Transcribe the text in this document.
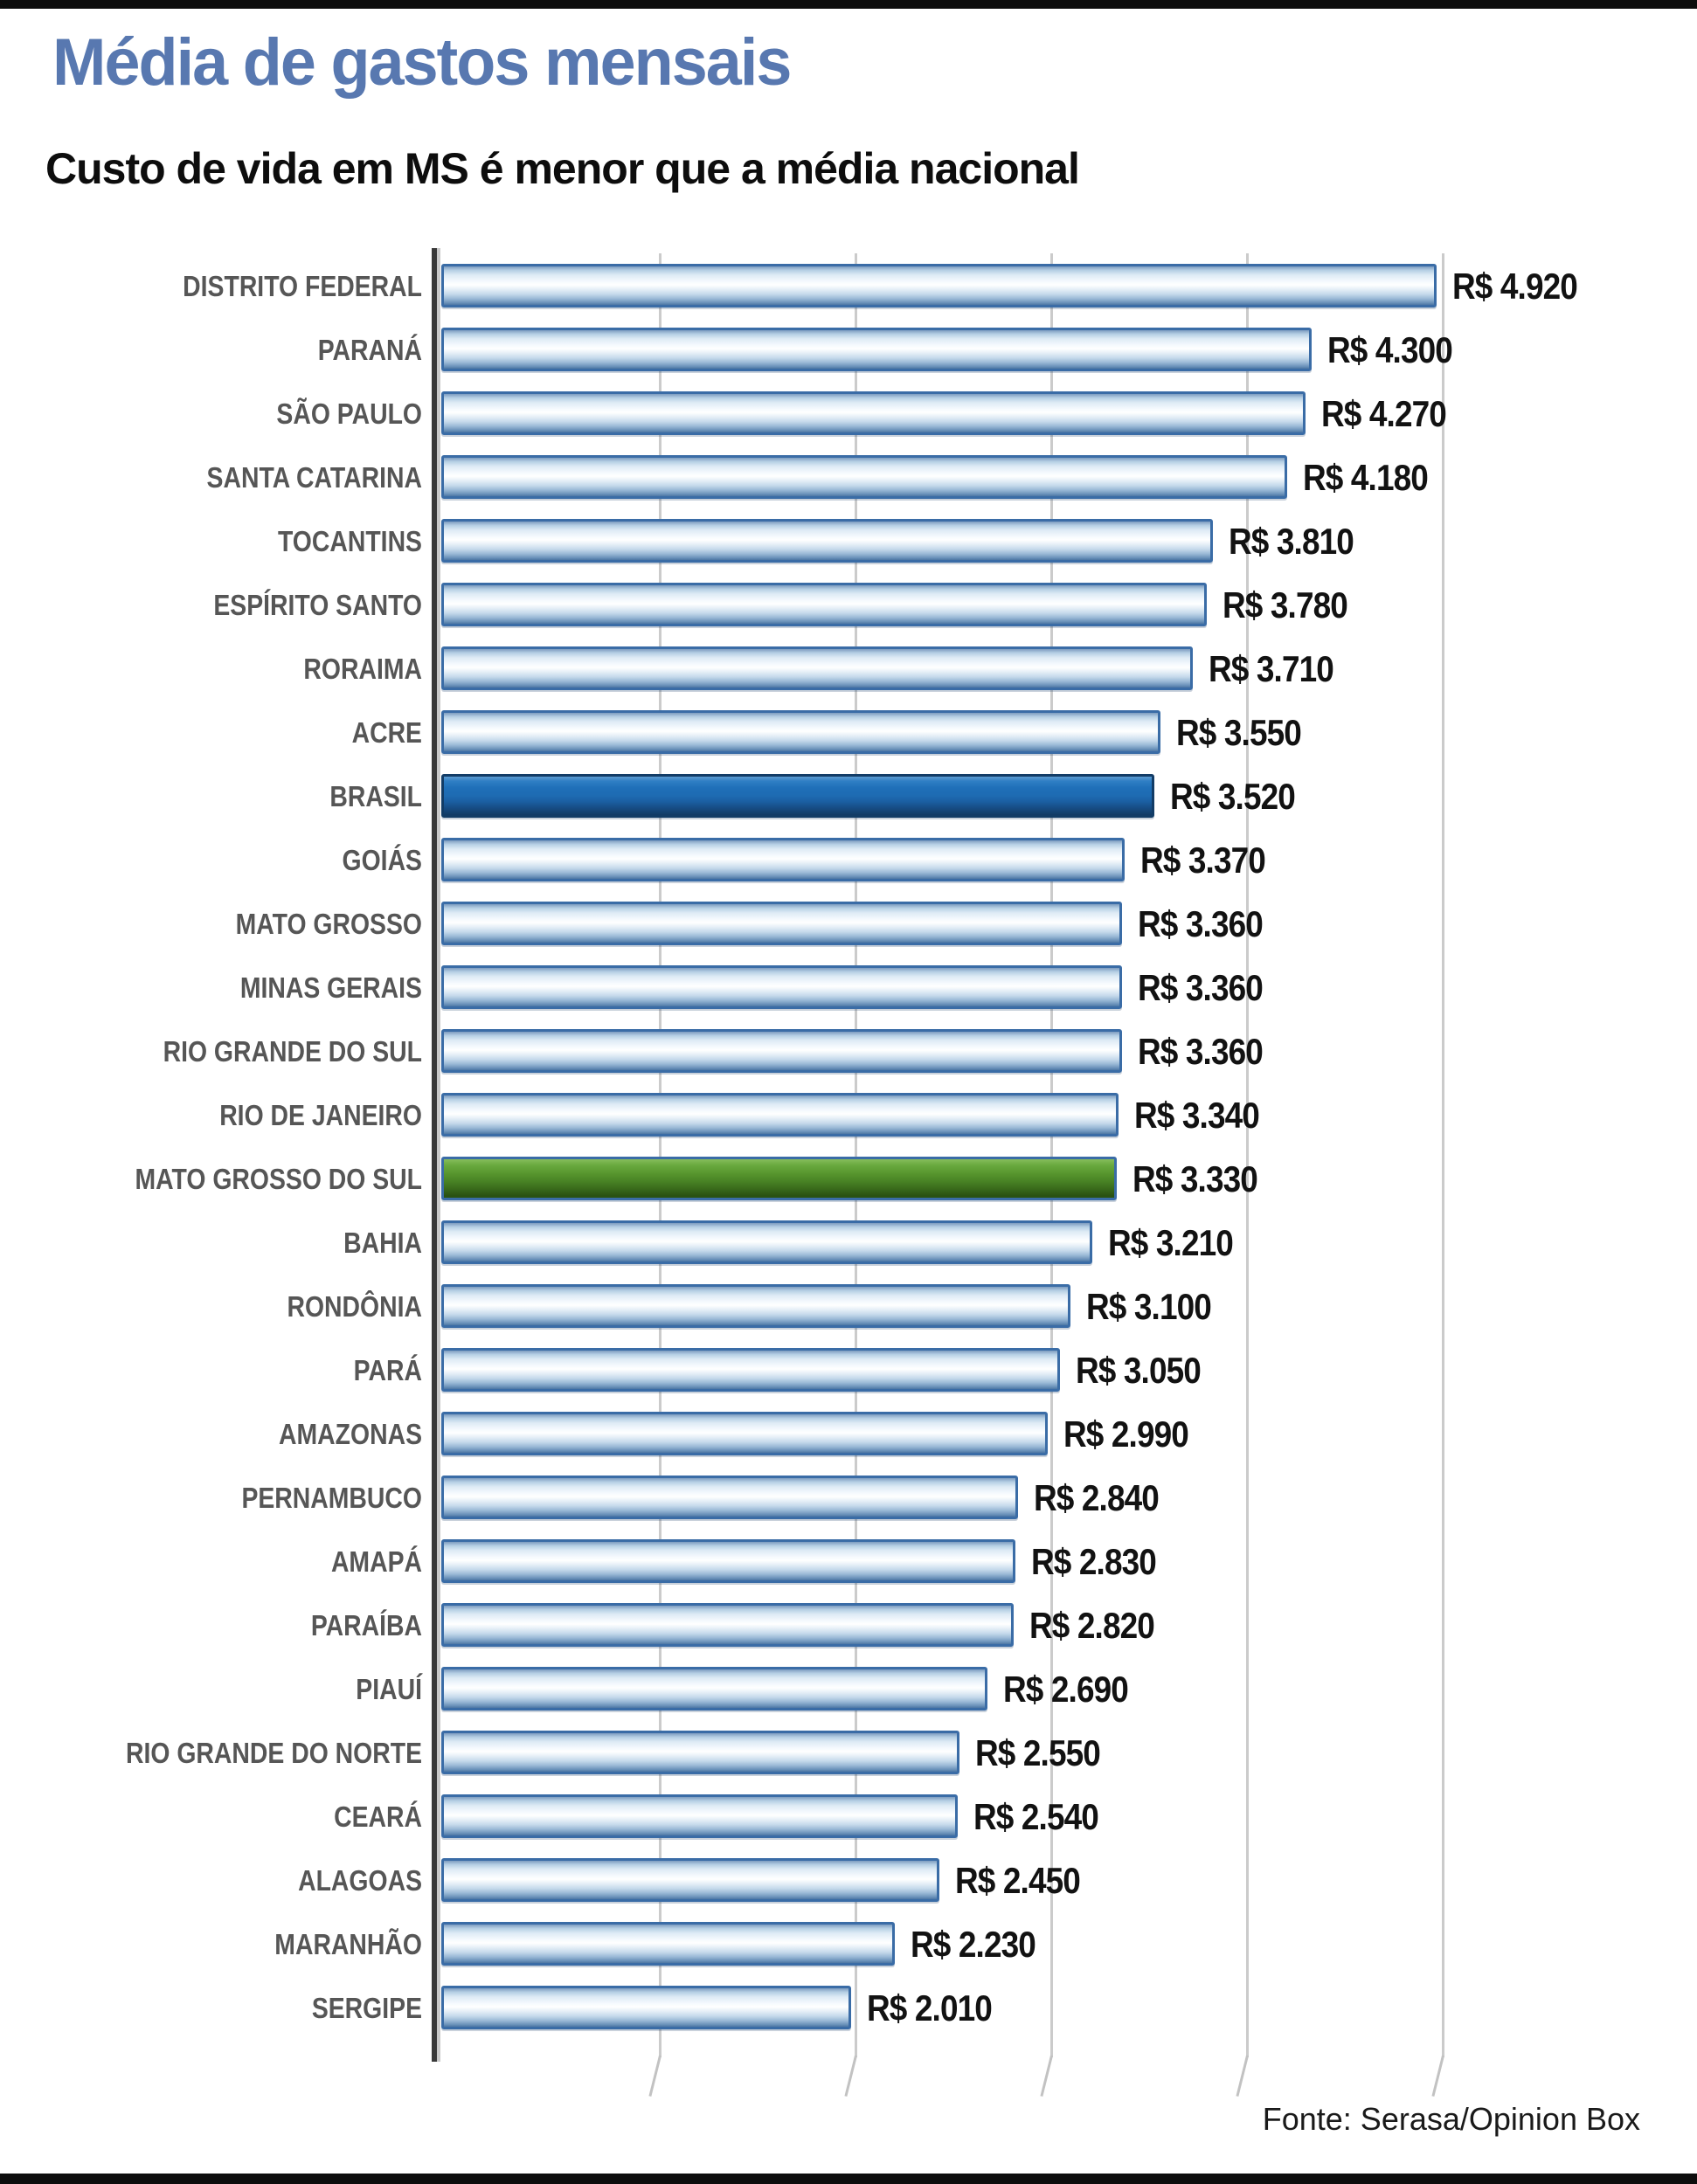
Média de gastos mensais
Custo de vida em MS é menor que a média nacional
DISTRITO FEDERAL
PARANÁ
SÃO PAULO
SANTA CATARINA
TOCANTINS
ESPÍRITO SANTO
RORAIMA
ACRE
BRASIL
GOIÁS
MATO GROSSO
MINAS GERAIS
RIO GRANDE DO SUL
RIO DE JANEIRO
MATO GROSSO DO SUL
BAHIA
RONDÔNIA
PARÁ
AMAZONAS
PERNAMBUCO
AMAPÁ
PARAÍBA
PIAUÍ
RIO GRANDE DO NORTE
CEARÁ
ALAGOAS
MARANHÃO
SERGIPE
R$ 4.920
R$ 4.300
R$ 4.270
R$ 4.180
R$ 3.810
R$ 3.780
R$ 3.710
R$ 3.550
R$ 3.520
R$ 3.370
R$ 3.360
R$ 3.360
R$ 3.360
R$ 3.340
R$ 3.330
R$ 3.210
R$ 3.100
R$ 3.050
R$ 2.990
R$ 2.840
R$ 2.830
R$ 2.820
R$ 2.690
R$ 2.550
R$ 2.540
R$ 2.450
R$ 2.230
R$ 2.010
Fonte: Serasa/Opinion Box
